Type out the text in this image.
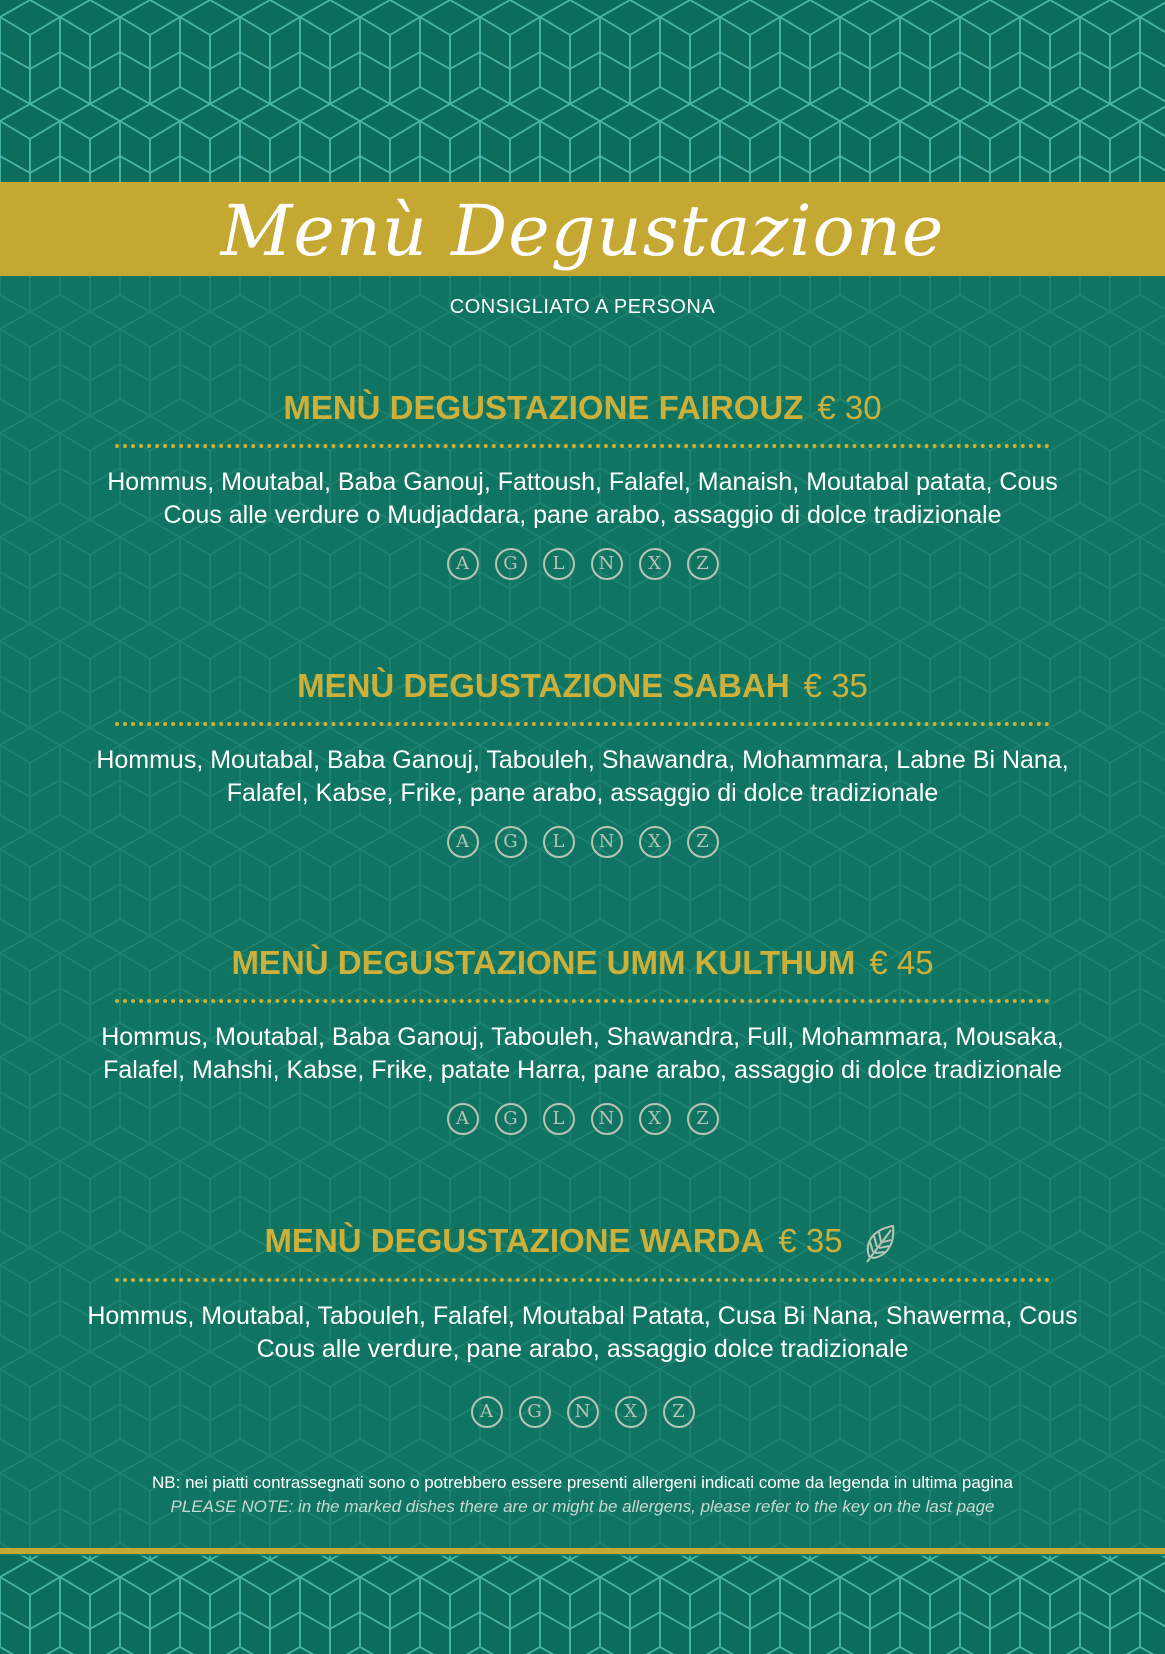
Menù Degustazione
CONSIGLIATO A PERSONA
MENÙ DEGUSTAZIONE FAIROUZ € 30
Hommus, Moutabal, Baba Ganouj, Fattoush, Falafel, Manaish, Moutabal patata, Cous Cous alle verdure o Mudjaddara, pane arabo, assaggio di dolce tradizionale
A G L N X Z
MENÙ DEGUSTAZIONE SABAH € 35
Hommus, Moutabal, Baba Ganouj, Tabouleh, Shawandra, Mohammara, Labne Bi Nana, Falafel, Kabse, Frike, pane arabo, assaggio di dolce tradizionale
A G L N X Z
MENÙ DEGUSTAZIONE UMM KULTHUM € 45
Hommus, Moutabal, Baba Ganouj, Tabouleh, Shawandra, Full, Mohammara, Mousaka, Falafel, Mahshi, Kabse, Frike, patate Harra, pane arabo, assaggio di dolce tradizionale
A G L N X Z
MENÙ DEGUSTAZIONE WARDA € 35
Hommus, Moutabal, Tabouleh, Falafel, Moutabal Patata, Cusa Bi Nana, Shawerma, Cous Cous alle verdure, pane arabo, assaggio dolce tradizionale
A G N X Z
NB: nei piatti contrassegnati sono o potrebbero essere presenti allergeni indicati come da legenda in ultima pagina
PLEASE NOTE: in the marked dishes there are or might be allergens, please refer to the key on the last page
